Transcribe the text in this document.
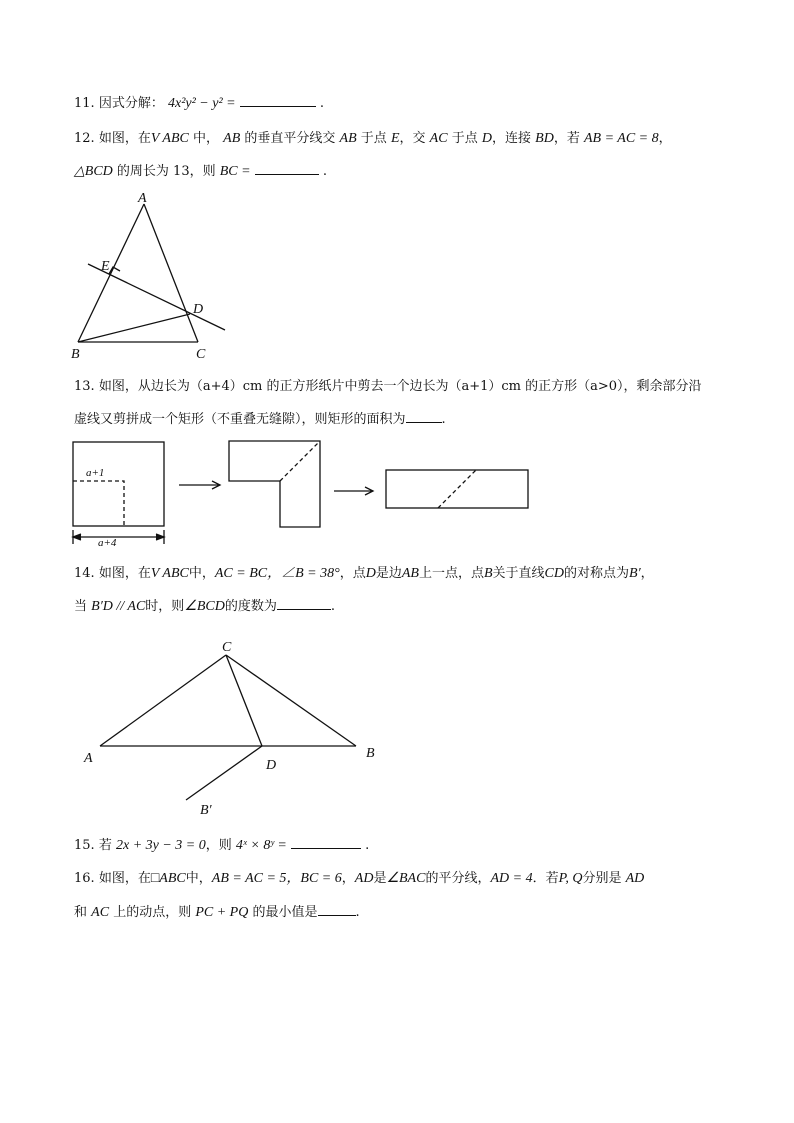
11. 因式分解： 4x²y² − y² =	.
12. 如图，在V ABC 中， AB 的垂直平分线交 AB 于点 E，交 AC 于点 D，连接 BD，若 AB = AC = 8，
△BCD 的周长为 13，则 BC =	.
A
B	C
D
E
13. 如图，从边长为（a+4）cm 的正方形纸片中剪去一个边长为（a+1）cm 的正方形（a>0），剩余部分沿
虚线又剪拼成一个矩形（不重叠无缝隙），则矩形的面积为	.
a+1
a+4
14. 如图，在V ABC中，AC = BC，∠B = 38°，点D是边AB上一点，点B关于直线CD的对称点为B′，
当 B′D // AC时，则∠BCD的度数为	.
C
A	B
D
B′
15. 若 2x + 3y − 3 = 0，则 4ˣ × 8ʸ =	.
16. 如图，在□ABC中，AB = AC = 5，BC = 6，AD是∠BAC的平分线，AD = 4．若P, Q分别是 AD
和 AC 上的动点，则 PC + PQ 的最小值是	.
